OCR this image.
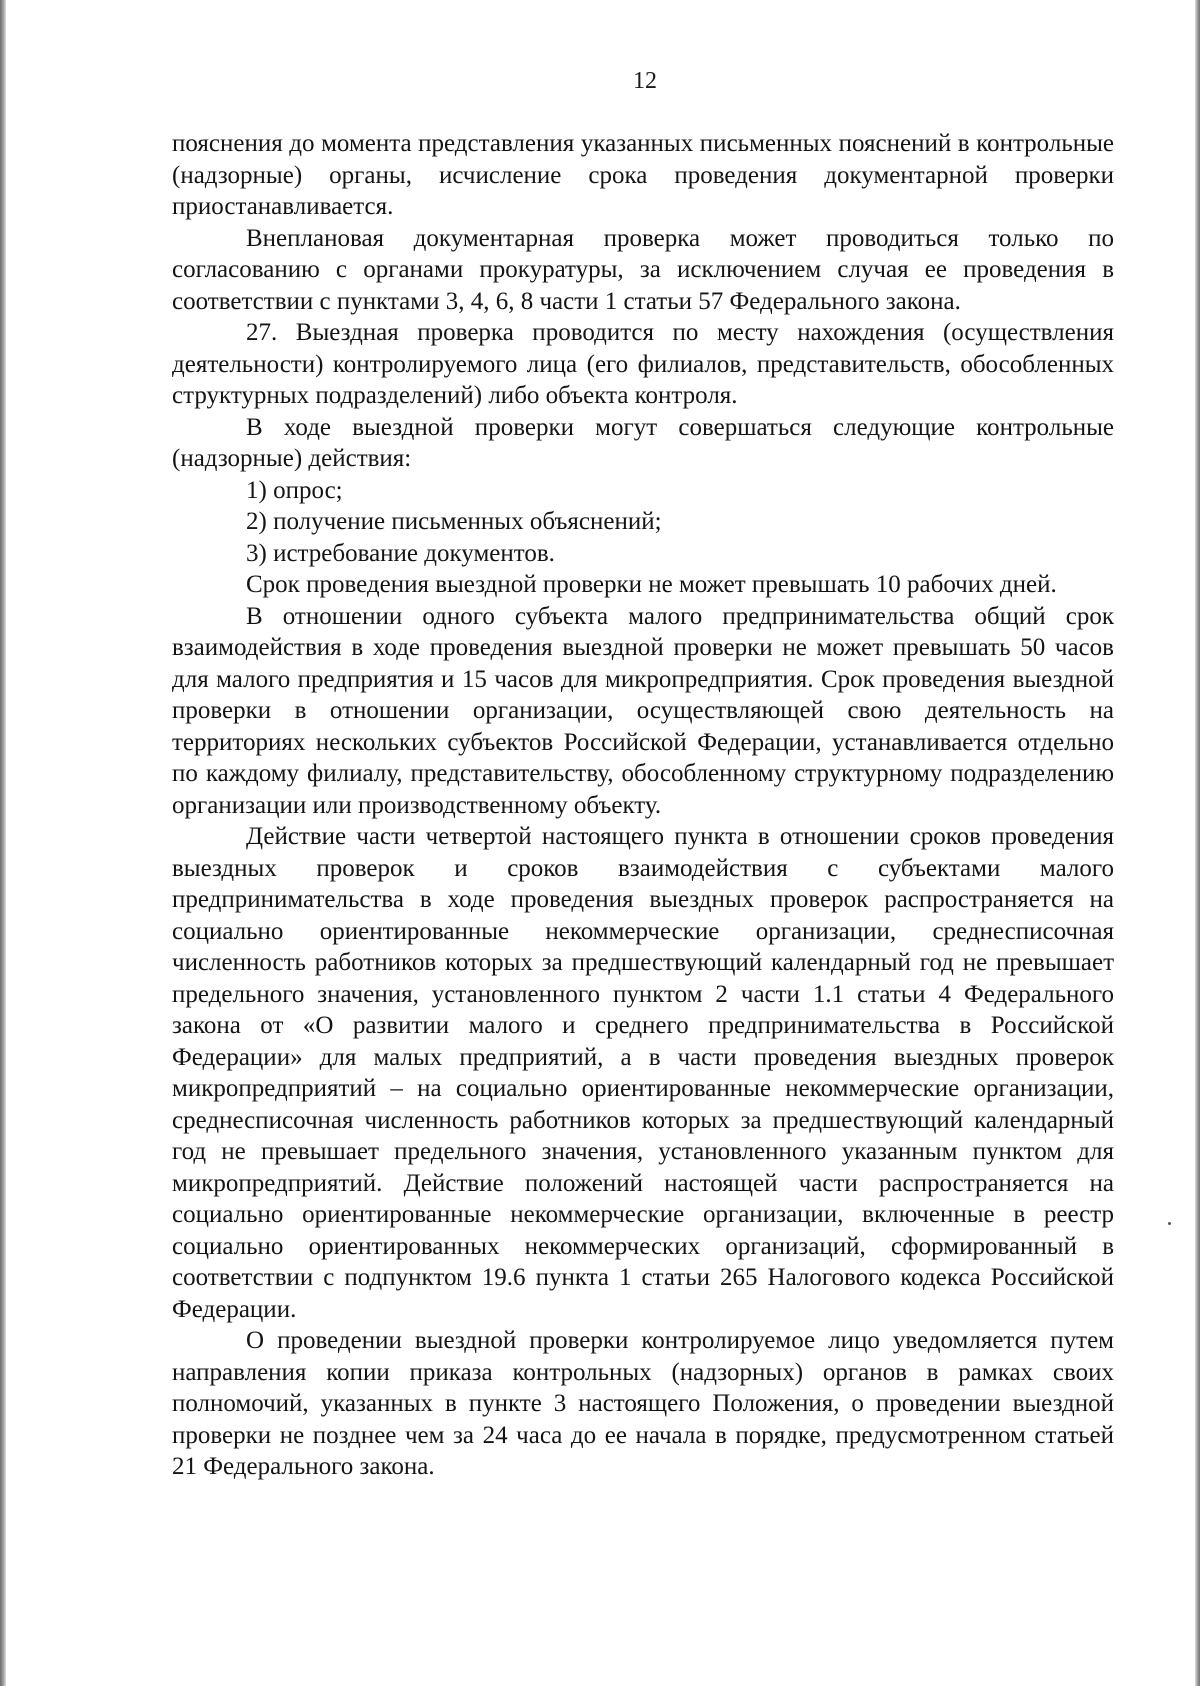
12

пояснения до момента представления указанных письменных пояснений в контрольные (надзорные) органы, исчисление срока проведения документарной проверки приостанавливается.

Внеплановая документарная проверка может проводиться только по согласованию с органами прокуратуры, за исключением случая ее проведения в соответствии с пунктами 3, 4, 6, 8 части 1 статьи 57 Федерального закона.

27. Выездная проверка проводится по месту нахождения (осуществления деятельности) контролируемого лица (его филиалов, представительств, обособленных структурных подразделений) либо объекта контроля.

В ходе выездной проверки могут совершаться следующие контрольные (надзорные) действия:

1) опрос;

2) получение письменных объяснений;

3) истребование документов.

Срок проведения выездной проверки не может превышать 10 рабочих дней.

В отношении одного субъекта малого предпринимательства общий срок взаимодействия в ходе проведения выездной проверки не может превышать 50 часов для малого предприятия и 15 часов для микропредприятия. Срок проведения выездной проверки в отношении организации, осуществляющей свою деятельность на территориях нескольких субъектов Российской Федерации, устанавливается отдельно по каждому филиалу, представительству, обособленному структурному подразделению организации или производственному объекту.

Действие части четвертой настоящего пункта в отношении сроков проведения выездных проверок и сроков взаимодействия с субъектами малого предпринимательства в ходе проведения выездных проверок распространяется на социально ориентированные некоммерческие организации, среднесписочная численность работников которых за предшествующий календарный год не превышает предельного значения, установленного пунктом 2 части 1.1 статьи 4 Федерального закона от «О развитии малого и среднего предпринимательства в Российской Федерации» для малых предприятий, а в части проведения выездных проверок микропредприятий – на социально ориентированные некоммерческие организации, среднесписочная численность работников которых за предшествующий календарный год не превышает предельного значения, установленного указанным пунктом для микропредприятий. Действие положений настоящей части распространяется на социально ориентированные некоммерческие организации, включенные в реестр социально ориентированных некоммерческих организаций, сформированный в соответствии с подпунктом 19.6 пункта 1 статьи 265 Налогового кодекса Российской Федерации.

О проведении выездной проверки контролируемое лицо уведомляется путем направления копии приказа контрольных (надзорных) органов в рамках своих полномочий, указанных в пункте 3 настоящего Положения, о проведении выездной проверки не позднее чем за 24 часа до ее начала в порядке, предусмотренном статьей 21 Федерального закона.
